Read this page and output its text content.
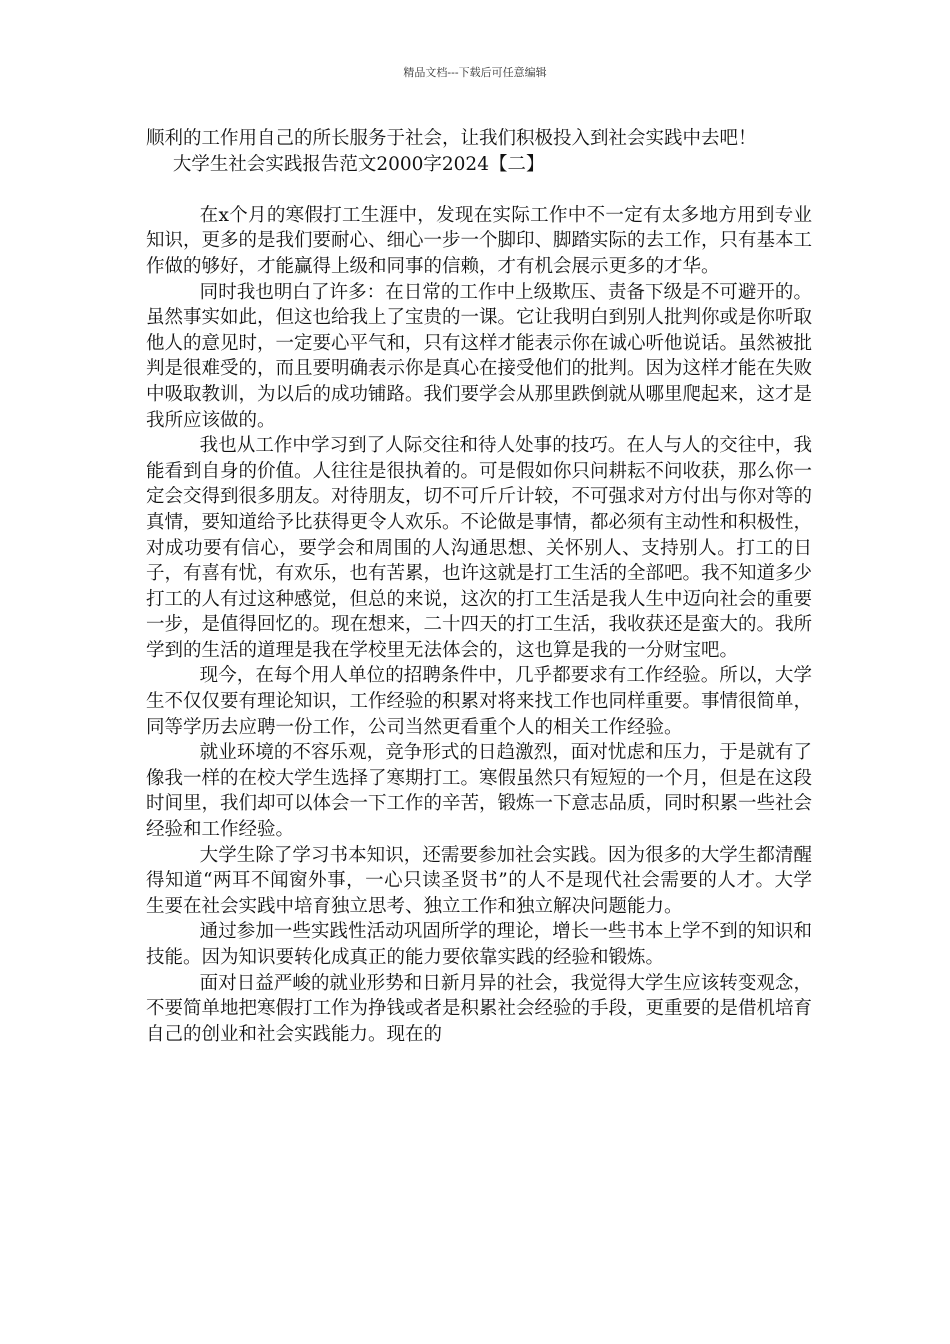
精品文档---下载后可任意编辑

顺利的工作用自己的所长服务于社会，让我们积极投入到社会实践中去吧！

大学生社会实践报告范文2000字2024【二】

在x个月的寒假打工生涯中，发现在实际工作中不一定有太多地方用到专业知识，更多的是我们要耐心、细心一步一个脚印、脚踏实际的去工作，只有基本工作做的够好，才能赢得上级和同事的信赖，才有机会展示更多的才华。

同时我也明白了许多：在日常的工作中上级欺压、责备下级是不可避开的。虽然事实如此，但这也给我上了宝贵的一课。它让我明白到别人批判你或是你听取他人的意见时，一定要心平气和，只有这样才能表示你在诚心听他说话。虽然被批判是很难受的，而且要明确表示你是真心在接受他们的批判。因为这样才能在失败中吸取教训，为以后的成功铺路。我们要学会从那里跌倒就从哪里爬起来，这才是我所应该做的。

我也从工作中学习到了人际交往和待人处事的技巧。在人与人的交往中，我能看到自身的价值。人往往是很执着的。可是假如你只问耕耘不问收获，那么你一定会交得到很多朋友。对待朋友，切不可斤斤计较，不可强求对方付出与你对等的真情，要知道给予比获得更令人欢乐。不论做是事情，都必须有主动性和积极性，对成功要有信心，要学会和周围的人沟通思想、关怀别人、支持别人。打工的日子，有喜有忧，有欢乐，也有苦累，也许这就是打工生活的全部吧。我不知道多少打工的人有过这种感觉，但总的来说，这次的打工生活是我人生中迈向社会的重要一步，是值得回忆的。现在想来，二十四天的打工生活，我收获还是蛮大的。我所学到的生活的道理是我在学校里无法体会的，这也算是我的一分财宝吧。

现今，在每个用人单位的招聘条件中，几乎都要求有工作经验。所以，大学生不仅仅要有理论知识，工作经验的积累对将来找工作也同样重要。事情很简单，同等学历去应聘一份工作，公司当然更看重个人的相关工作经验。

就业环境的不容乐观，竞争形式的日趋激烈，面对忧虑和压力，于是就有了像我一样的在校大学生选择了寒期打工。寒假虽然只有短短的一个月，但是在这段时间里，我们却可以体会一下工作的辛苦，锻炼一下意志品质，同时积累一些社会经验和工作经验。

大学生除了学习书本知识，还需要参加社会实践。因为很多的大学生都清醒得知道“两耳不闻窗外事，一心只读圣贤书”的人不是现代社会需要的人才。大学生要在社会实践中培育独立思考、独立工作和独立解决问题能力。

通过参加一些实践性活动巩固所学的理论，增长一些书本上学不到的知识和技能。因为知识要转化成真正的能力要依靠实践的经验和锻炼。

面对日益严峻的就业形势和日新月异的社会，我觉得大学生应该转变观念，不要简单地把寒假打工作为挣钱或者是积累社会经验的手段，更重要的是借机培育自己的创业和社会实践能力。现在的
